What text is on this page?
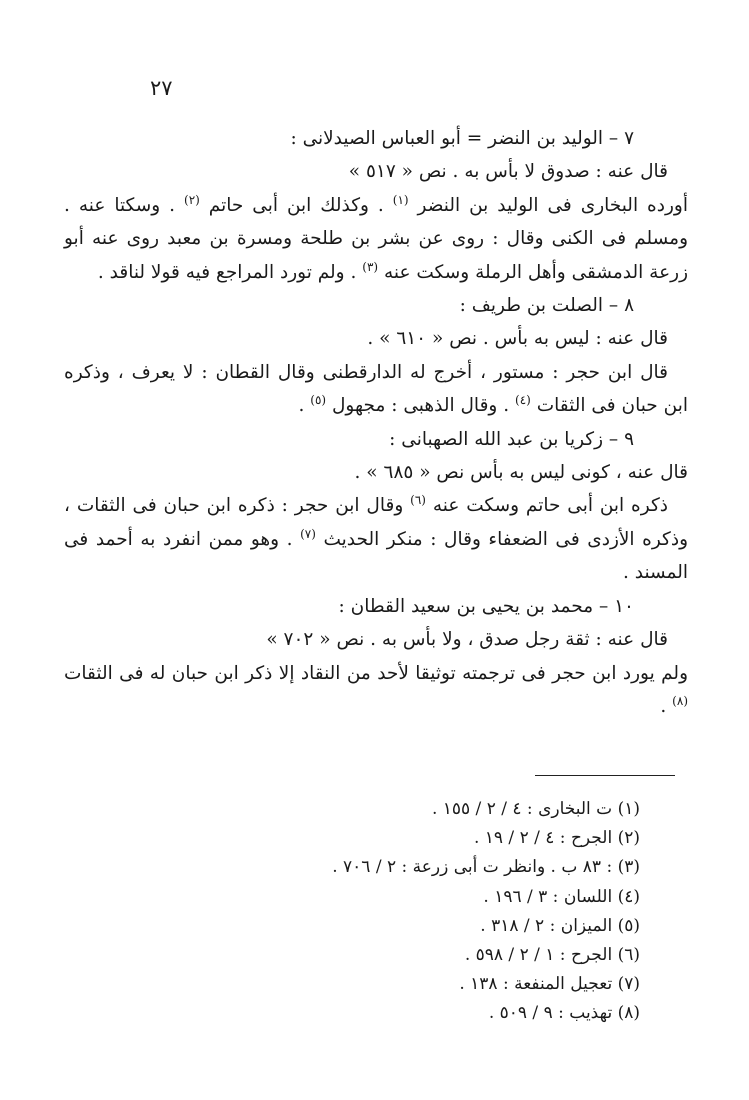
٢٧

٧ – الوليد بن النضر = أبو العباس الصيدلانى :

قال عنه : صدوق لا بأس به . نص « ٥١٧ »

أورده البخارى فى الوليد بن النضر $^{(١)}$ . وكذلك ابن أبى حاتم $^{(٢)}$ . وسكتا عنه . ومسلم فى الكنى وقال : روى عن بشر بن طلحة ومسرة بن معبد روى عنه أبو زرعة الدمشقى وأهل الرملة وسكت عنه $^{(٣)}$ . ولم تورد المراجع فيه قولا لناقد .

٨ – الصلت بن طريف :

قال عنه : ليس به بأس . نص « ٦١٠ » .

قال ابن حجر : مستور ، أخرج له الدارقطنى وقال القطان : لا يعرف ، وذكره ابن حبان فى الثقات $^{(٤)}$ . وقال الذهبى : مجهول $^{(٥)}$ .

٩ – زكريا بن عبد الله الصهبانى :

قال عنه ، كونى ليس به بأس نص « ٦٨٥ » .

ذكره ابن أبى حاتم وسكت عنه $^{(٦)}$ وقال ابن حجر : ذكره ابن حبان فى الثقات ، وذكره الأزدى فى الضعفاء وقال : منكر الحديث $^{(٧)}$ . وهو ممن انفرد به أحمد فى المسند .

١٠ – محمد بن يحيى بن سعيد القطان :

قال عنه : ثقة رجل صدق ، ولا بأس به . نص « ٧٠٢ »

ولم يورد ابن حجر فى ترجمته توثيقا لأحد من النقاد إلا ذكر ابن حبان له فى الثقات $^{(٨)}$ .

(١) ت البخارى : ٤ / ٢ / ١٥٥ .
(٢) الجرح : ٤ / ٢ / ١٩ .
(٣) : ٨٣ ب . وانظر ت أبى زرعة : ٢ / ٧٠٦ .
(٤) اللسان : ٣ / ١٩٦ .
(٥) الميزان : ٢ / ٣١٨ .
(٦) الجرح : ١ / ٢ / ٥٩٨ .
(٧) تعجيل المنفعة : ١٣٨ .
(٨) تهذيب : ٩ / ٥٠٩ .
